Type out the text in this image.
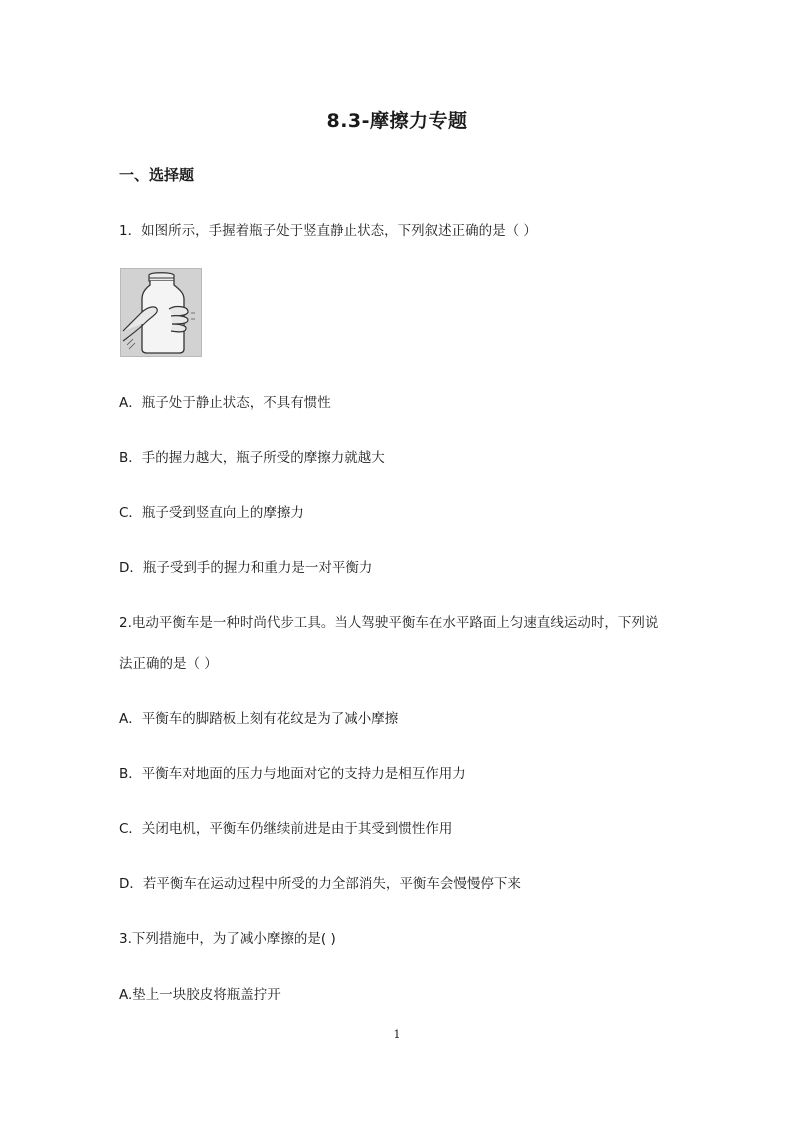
8.3-摩擦力专题
一、选择题
1．如图所示，手握着瓶子处于竖直静止状态，下列叙述正确的是（ ）
A．瓶子处于静止状态，不具有惯性
B．手的握力越大，瓶子所受的摩擦力就越大
C．瓶子受到竖直向上的摩擦力
D．瓶子受到手的握力和重力是一对平衡力
2.电动平衡车是一种时尚代步工具。当人驾驶平衡车在水平路面上匀速直线运动时，下列说
法正确的是（ ）
A．平衡车的脚踏板上刻有花纹是为了减小摩擦
B．平衡车对地面的压力与地面对它的支持力是相互作用力
C．关闭电机，平衡车仍继续前进是由于其受到惯性作用
D．若平衡车在运动过程中所受的力全部消失，平衡车会慢慢停下来
3.下列措施中，为了减小摩擦的是( )
A.垫上一块胶皮将瓶盖拧开
1
